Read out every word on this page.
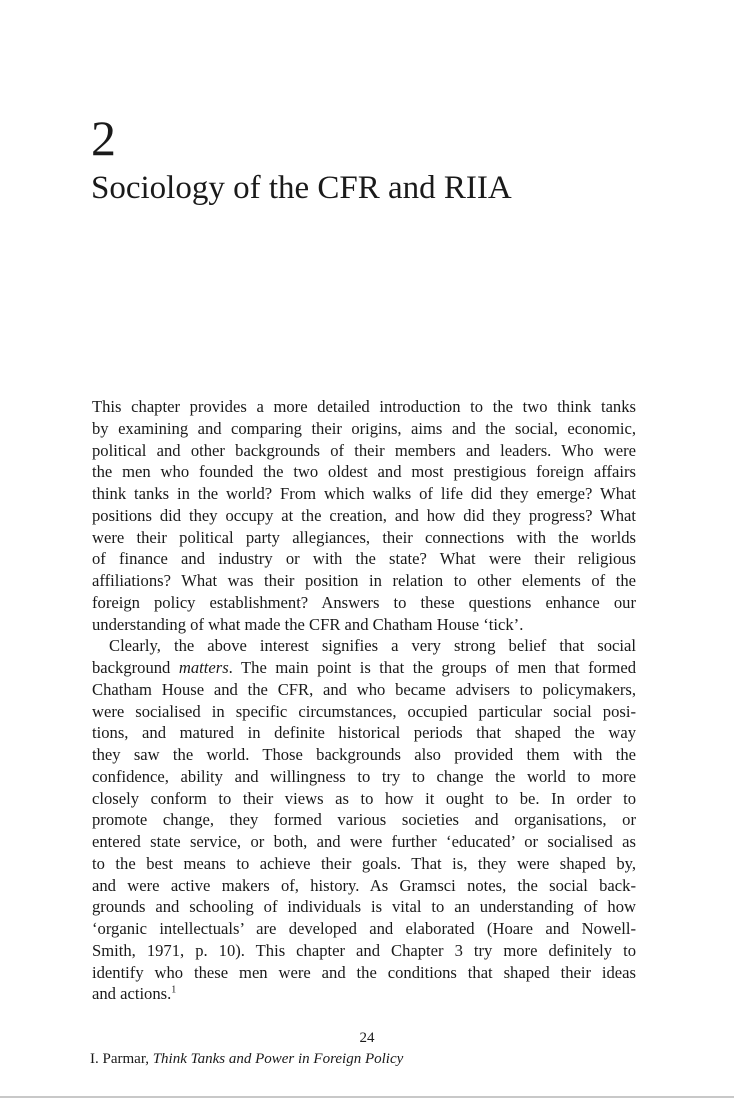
2
Sociology of the CFR and RIIA
This chapter provides a more detailed introduction to the two think tanks
by examining and comparing their origins, aims and the social, economic,
political and other backgrounds of their members and leaders. Who were
the men who founded the two oldest and most prestigious foreign affairs
think tanks in the world? From which walks of life did they emerge? What
positions did they occupy at the creation, and how did they progress? What
were their political party allegiances, their connections with the worlds
of finance and industry or with the state? What were their religious
affiliations? What was their position in relation to other elements of the
foreign policy establishment? Answers to these questions enhance our
understanding of what made the CFR and Chatham House ‘tick’.
Clearly, the above interest signifies a very strong belief that social
background matters. The main point is that the groups of men that formed
Chatham House and the CFR, and who became advisers to policymakers,
were socialised in specific circumstances, occupied particular social posi-
tions, and matured in definite historical periods that shaped the way
they saw the world. Those backgrounds also provided them with the
confidence, ability and willingness to try to change the world to more
closely conform to their views as to how it ought to be. In order to
promote change, they formed various societies and organisations, or
entered state service, or both, and were further ‘educated’ or socialised as
to the best means to achieve their goals. That is, they were shaped by,
and were active makers of, history. As Gramsci notes, the social back-
grounds and schooling of individuals is vital to an understanding of how
‘organic intellectuals’ are developed and elaborated (Hoare and Nowell-
Smith, 1971, p. 10). This chapter and Chapter 3 try more definitely to
identify who these men were and the conditions that shaped their ideas
and actions.$^1$
24
I. Parmar, Think Tanks and Power in Foreign Policy
